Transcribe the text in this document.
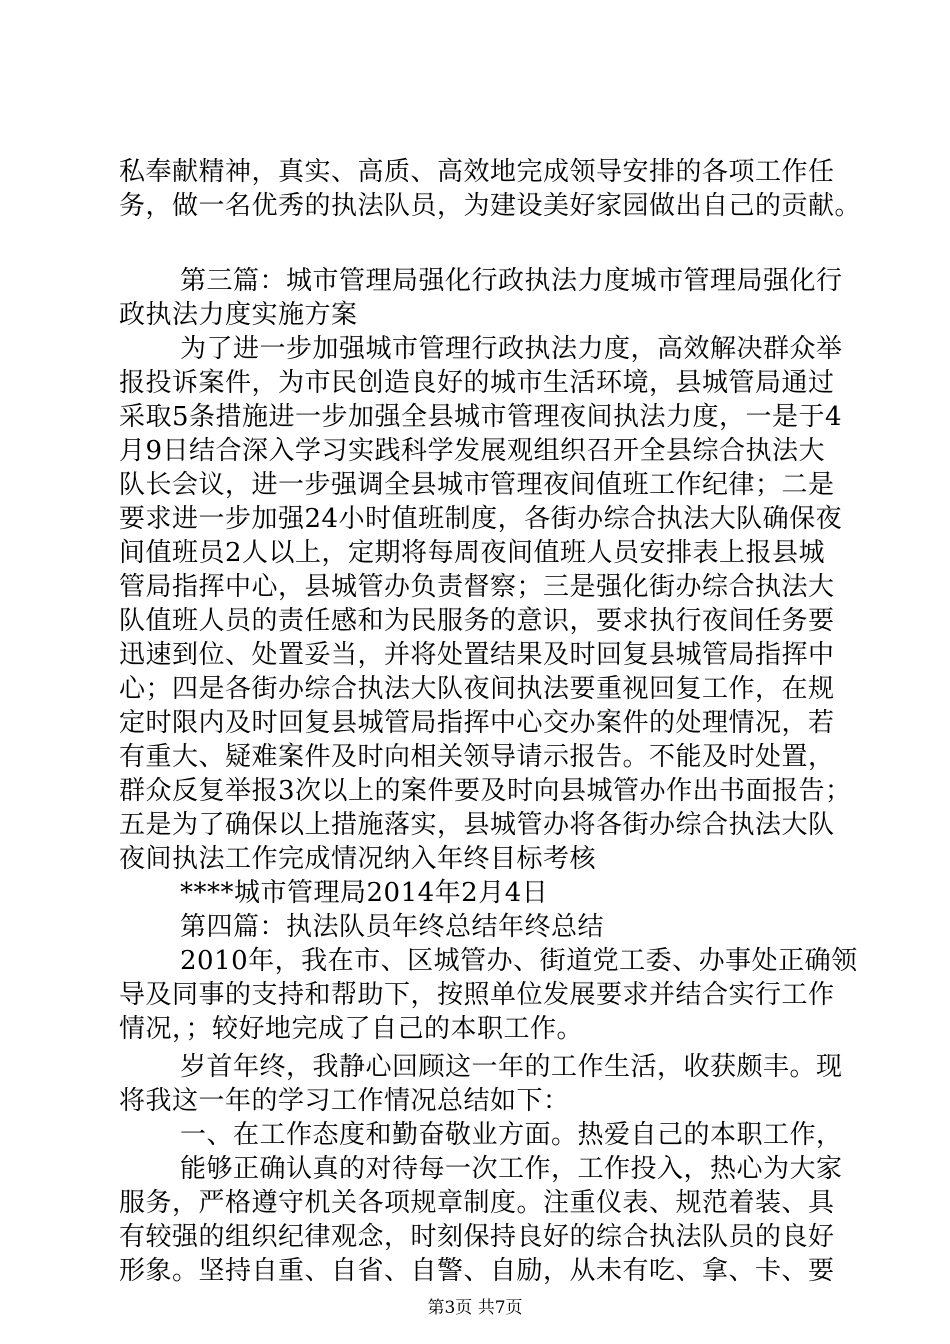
私奉献精神，真实、高质、高效地完成领导安排的各项工作任
务，做一名优秀的执法队员，为建设美好家园做出自己的贡献。
第三篇：城市管理局强化行政执法力度城市管理局强化行
政执法力度实施方案
为了进一步加强城市管理行政执法力度，高效解决群众举
报投诉案件，为市民创造良好的城市生活环境，县城管局通过
采取5条措施进一步加强全县城市管理夜间执法力度，一是于4
月9日结合深入学习实践科学发展观组织召开全县综合执法大
队长会议，进一步强调全县城市管理夜间值班工作纪律；二是
要求进一步加强24小时值班制度，各街办综合执法大队确保夜
间值班员2人以上，定期将每周夜间值班人员安排表上报县城
管局指挥中心，县城管办负责督察；三是强化街办综合执法大
队值班人员的责任感和为民服务的意识，要求执行夜间任务要
迅速到位、处置妥当，并将处置结果及时回复县城管局指挥中
心；四是各街办综合执法大队夜间执法要重视回复工作，在规
定时限内及时回复县城管局指挥中心交办案件的处理情况，若
有重大、疑难案件及时向相关领导请示报告。不能及时处置，
群众反复举报3次以上的案件要及时向县城管办作出书面报告；
五是为了确保以上措施落实，县城管办将各街办综合执法大队
夜间执法工作完成情况纳入年终目标考核
****城市管理局2014年2月4日
第四篇：执法队员年终总结年终总结
2010年，我在市、区城管办、街道党工委、办事处正确领
导及同事的支持和帮助下，按照单位发展要求并结合实行工作
情况，；较好地完成了自己的本职工作。
岁首年终，我静心回顾这一年的工作生活，收获颇丰。现
将我这一年的学习工作情况总结如下：
一、在工作态度和勤奋敬业方面。热爱自己的本职工作，
能够正确认真的对待每一次工作，工作投入，热心为大家
服务，严格遵守机关各项规章制度。注重仪表、规范着装、具
有较强的组织纪律观念，时刻保持良好的综合执法队员的良好
形象。坚持自重、自省、自警、自励，从未有吃、拿、卡、要
第3页 共7页
